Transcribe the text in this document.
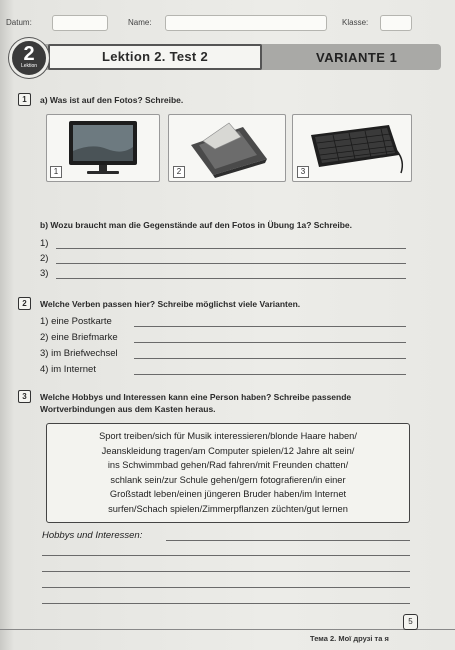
Datum:	Name:	Klasse:
Lektion 2. Test 2	VARIANTE 1
2
Lektion
1	a) Was ist auf den Fotos? Schreibe.
1	2	3
b) Wozu braucht man die Gegenstände auf den Fotos in Übung 1a? Schreibe.
1)
2)
3)
2	Welche Verben passen hier? Schreibe möglichst viele Varianten.
1) eine Postkarte
2) eine Briefmarke
3) im Briefwechsel
4) im Internet
3	Welche Hobbys und Interessen kann eine Person haben? Schreibe passende
Wortverbindungen aus dem Kasten heraus.
Sport treiben/sich für Musik interessieren/blonde Haare haben/
Jeanskleidung tragen/am Computer spielen/12 Jahre alt sein/
ins Schwimmbad gehen/Rad fahren/mit Freunden chatten/
schlank sein/zur Schule gehen/gern fotografieren/in einer
Großstadt leben/einen jüngeren Bruder haben/im Internet
surfen/Schach spielen/Zimmerpflanzen züchten/gut lernen
Hobbys und Interessen:
5
Тема 2. Мої друзі та я
